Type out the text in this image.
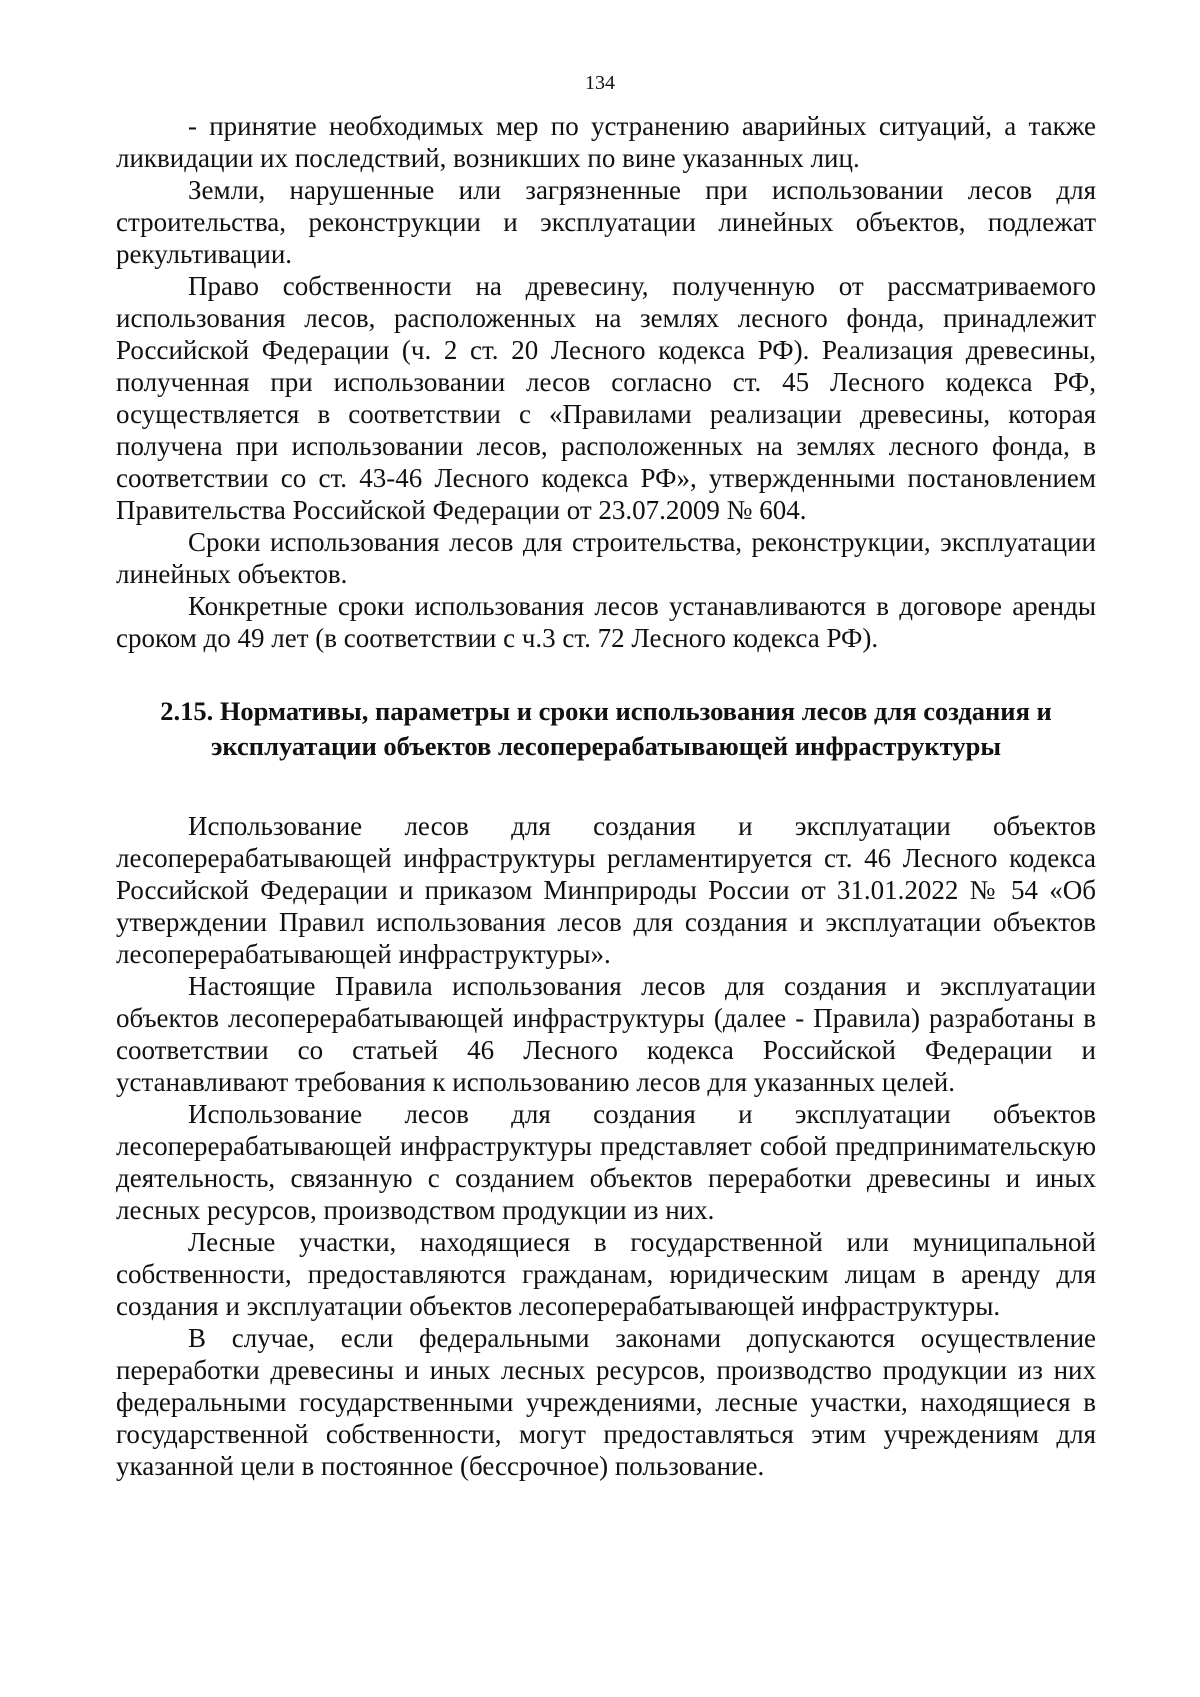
134

- принятие необходимых мер по устранению аварийных ситуаций, а также ликвидации их последствий, возникших по вине указанных лиц.

Земли, нарушенные или загрязненные при использовании лесов для строительства, реконструкции и эксплуатации линейных объектов, подлежат рекультивации.

Право собственности на древесину, полученную от рассматриваемого использования лесов, расположенных на землях лесного фонда, принадлежит Российской Федерации (ч. 2 ст. 20 Лесного кодекса РФ). Реализация древесины, полученная при использовании лесов согласно ст. 45 Лесного кодекса РФ, осуществляется в соответствии с «Правилами реализации древесины, которая получена при использовании лесов, расположенных на землях лесного фонда, в соответствии со ст. 43-46 Лесного кодекса РФ», утвержденными постановлением Правительства Российской Федерации от 23.07.2009 № 604.

Сроки использования лесов для строительства, реконструкции, эксплуатации линейных объектов.

Конкретные сроки использования лесов устанавливаются в договоре аренды сроком до 49 лет (в соответствии с ч.3 ст. 72 Лесного кодекса РФ).

2.15. Нормативы, параметры и сроки использования лесов для создания и
эксплуатации объектов лесоперерабатывающей инфраструктуры

Использование лесов для создания и эксплуатации объектов лесоперерабатывающей инфраструктуры регламентируется ст. 46 Лесного кодекса Российской Федерации и приказом Минприроды России от 31.01.2022 № 54 «Об утверждении Правил использования лесов для создания и эксплуатации объектов лесоперерабатывающей инфраструктуры».

Настоящие Правила использования лесов для создания и эксплуатации объектов лесоперерабатывающей инфраструктуры (далее - Правила) разработаны в соответствии со статьей 46 Лесного кодекса Российской Федерации и устанавливают требования к использованию лесов для указанных целей.

Использование лесов для создания и эксплуатации объектов лесоперерабатывающей инфраструктуры представляет собой предпринимательскую деятельность, связанную с созданием объектов переработки древесины и иных лесных ресурсов, производством продукции из них.

Лесные участки, находящиеся в государственной или муниципальной собственности, предоставляются гражданам, юридическим лицам в аренду для создания и эксплуатации объектов лесоперерабатывающей инфраструктуры.

В случае, если федеральными законами допускаются осуществление переработки древесины и иных лесных ресурсов, производство продукции из них федеральными государственными учреждениями, лесные участки, находящиеся в государственной собственности, могут предоставляться этим учреждениям для указанной цели в постоянное (бессрочное) пользование.
